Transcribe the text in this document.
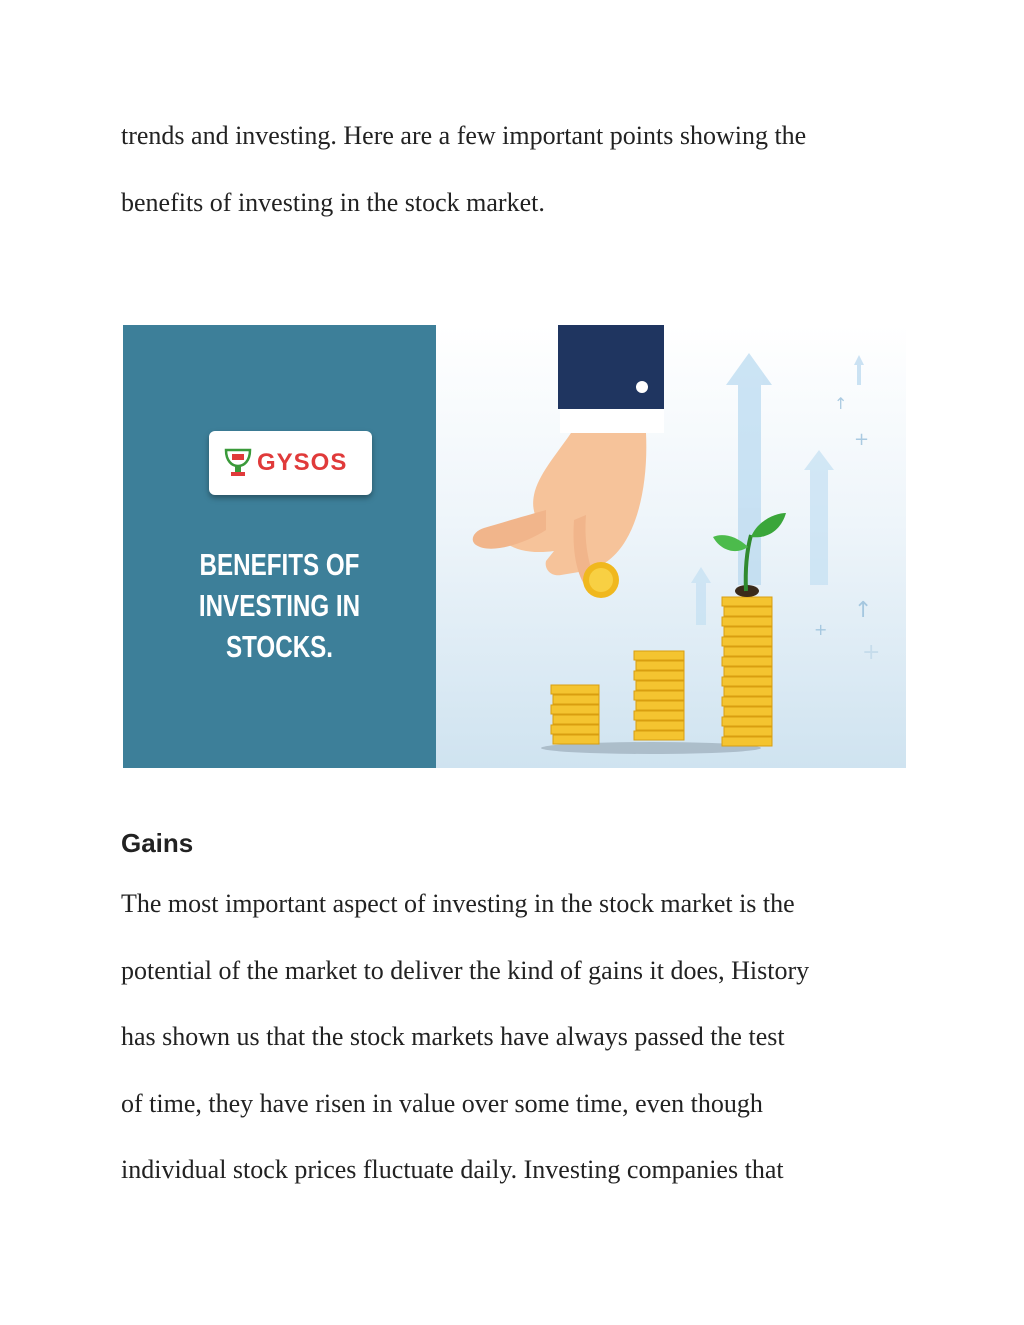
trends and investing. Here are a few important points showing the
benefits of investing in the stock market.
GYSOS
BENEFITS OF
INVESTING IN STOCKS.
↑
↑
+
+
+
Gains
The most important aspect of investing in the stock market is the
potential of the market to deliver the kind of gains it does, History
has shown us that the stock markets have always passed the test
of time, they have risen in value over some time, even though
individual stock prices fluctuate daily. Investing companies that
